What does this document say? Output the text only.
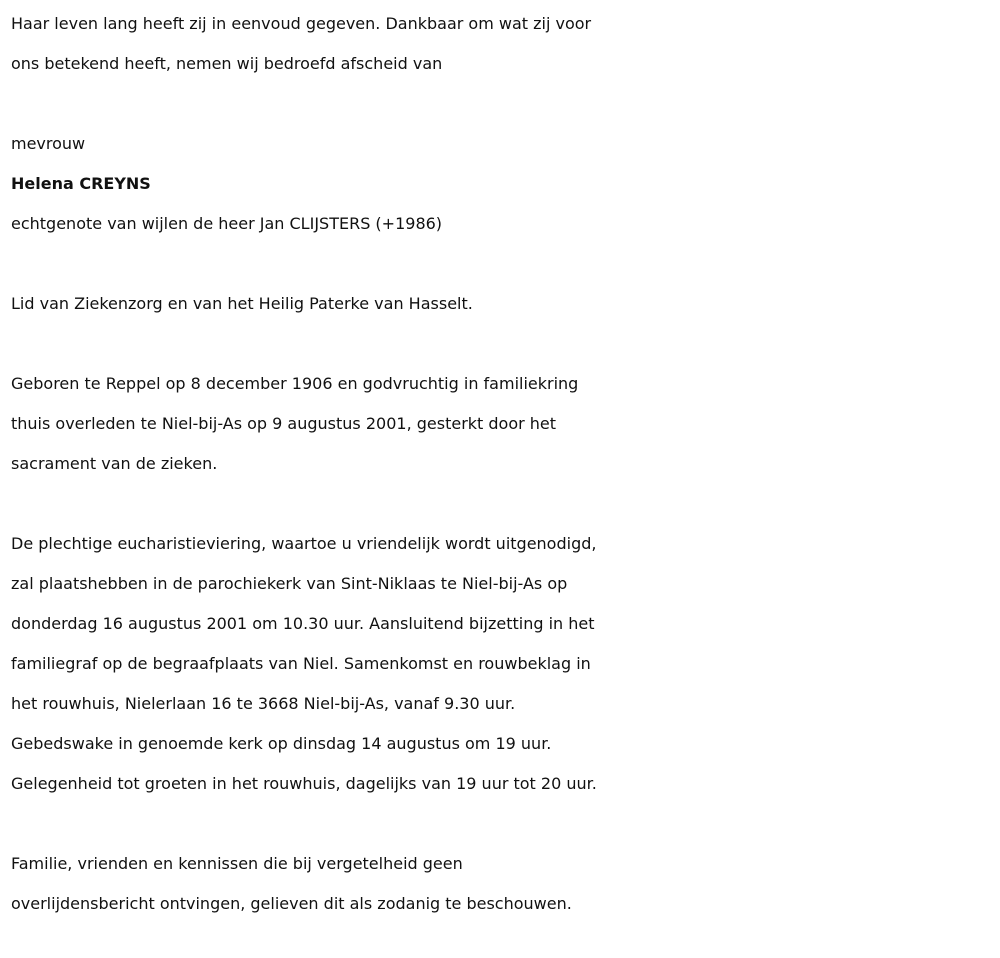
Haar leven lang heeft zij in eenvoud gegeven. Dankbaar om wat zij voor
ons betekend heeft, nemen wij bedroefd afscheid van

mevrouw
Helena CREYNS
echtgenote van wijlen de heer Jan CLIJSTERS (+1986)

Lid van Ziekenzorg en van het Heilig Paterke van Hasselt.

Geboren te Reppel op 8 december 1906 en godvruchtig in familiekring
thuis overleden te Niel-bij-As op 9 augustus 2001, gesterkt door het
sacrament van de zieken.

De plechtige eucharistieviering, waartoe u vriendelijk wordt uitgenodigd,
zal plaatshebben in de parochiekerk van Sint-Niklaas te Niel-bij-As op
donderdag 16 augustus 2001 om 10.30 uur. Aansluitend bijzetting in het
familiegraf op de begraafplaats van Niel. Samenkomst en rouwbeklag in
het rouwhuis, Nielerlaan 16 te 3668 Niel-bij-As, vanaf 9.30 uur.
Gebedswake in genoemde kerk op dinsdag 14 augustus om 19 uur.
Gelegenheid tot groeten in het rouwhuis, dagelijks van 19 uur tot 20 uur.

Familie, vrienden en kennissen die bij vergetelheid geen
overlijdensbericht ontvingen, gelieven dit als zodanig te beschouwen.
